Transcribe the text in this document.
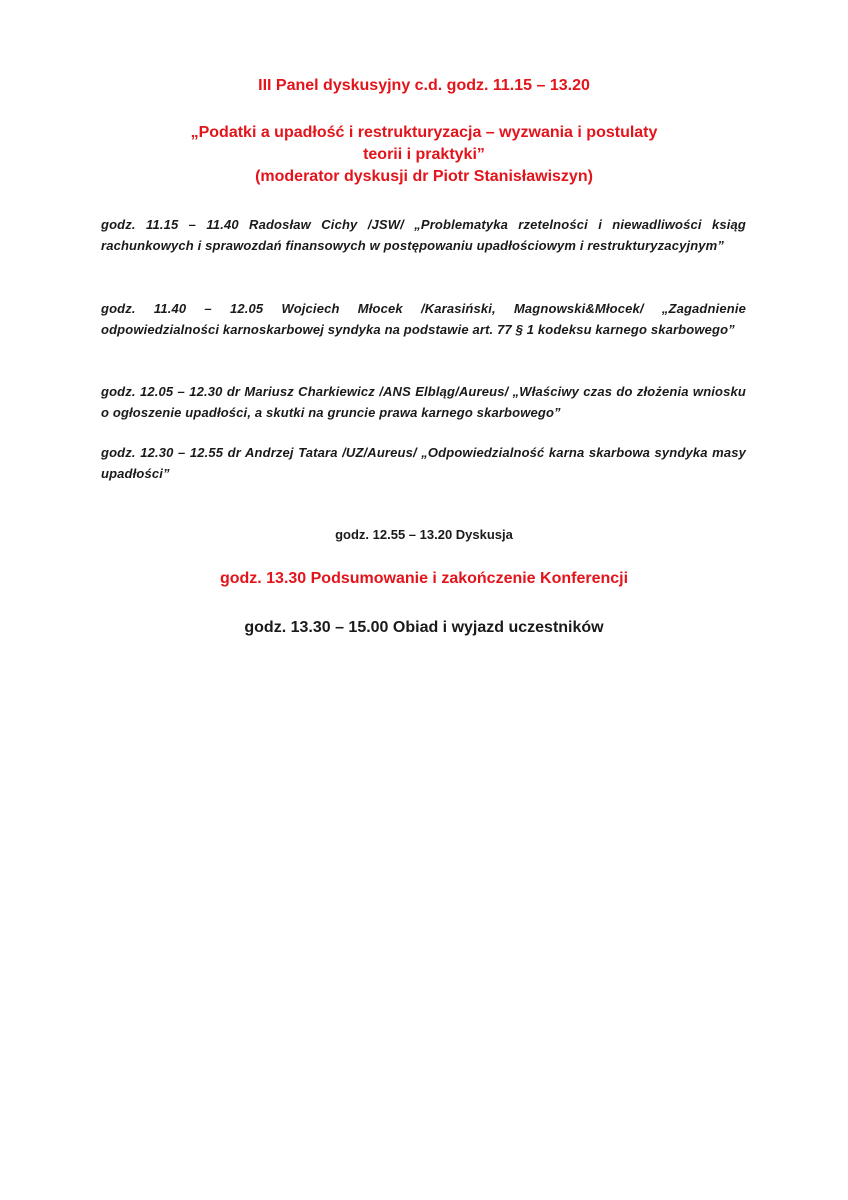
III Panel dyskusyjny c.d. godz. 11.15 – 13.20
„Podatki a upadłość i restrukturyzacja – wyzwania i postulaty
teorii i praktyki”
(moderator dyskusji dr Piotr Stanisławiszyn)
godz. 11.15 – 11.40 Radosław Cichy /JSW/ „Problematyka rzetelności i niewadliwości ksiąg rachunkowych i sprawozdań finansowych w postępowaniu upadłościowym i restrukturyzacyjnym”
godz. 11.40 – 12.05 Wojciech Młocek /Karasiński, Magnowski&Młocek/ „Zagadnienie odpowiedzialności karnoskarbowej syndyka na podstawie art. 77 § 1 kodeksu karnego skarbowego”
godz. 12.05 – 12.30 dr Mariusz Charkiewicz /ANS Elbląg/Aureus/ „Właściwy czas do złożenia wniosku o ogłoszenie upadłości, a skutki na gruncie prawa karnego skarbowego”
godz. 12.30 – 12.55 dr Andrzej Tatara /UZ/Aureus/ „Odpowiedzialność karna skarbowa syndyka masy upadłości”
godz. 12.55 – 13.20 Dyskusja
godz. 13.30 Podsumowanie i zakończenie Konferencji
godz. 13.30 – 15.00 Obiad i wyjazd uczestników
